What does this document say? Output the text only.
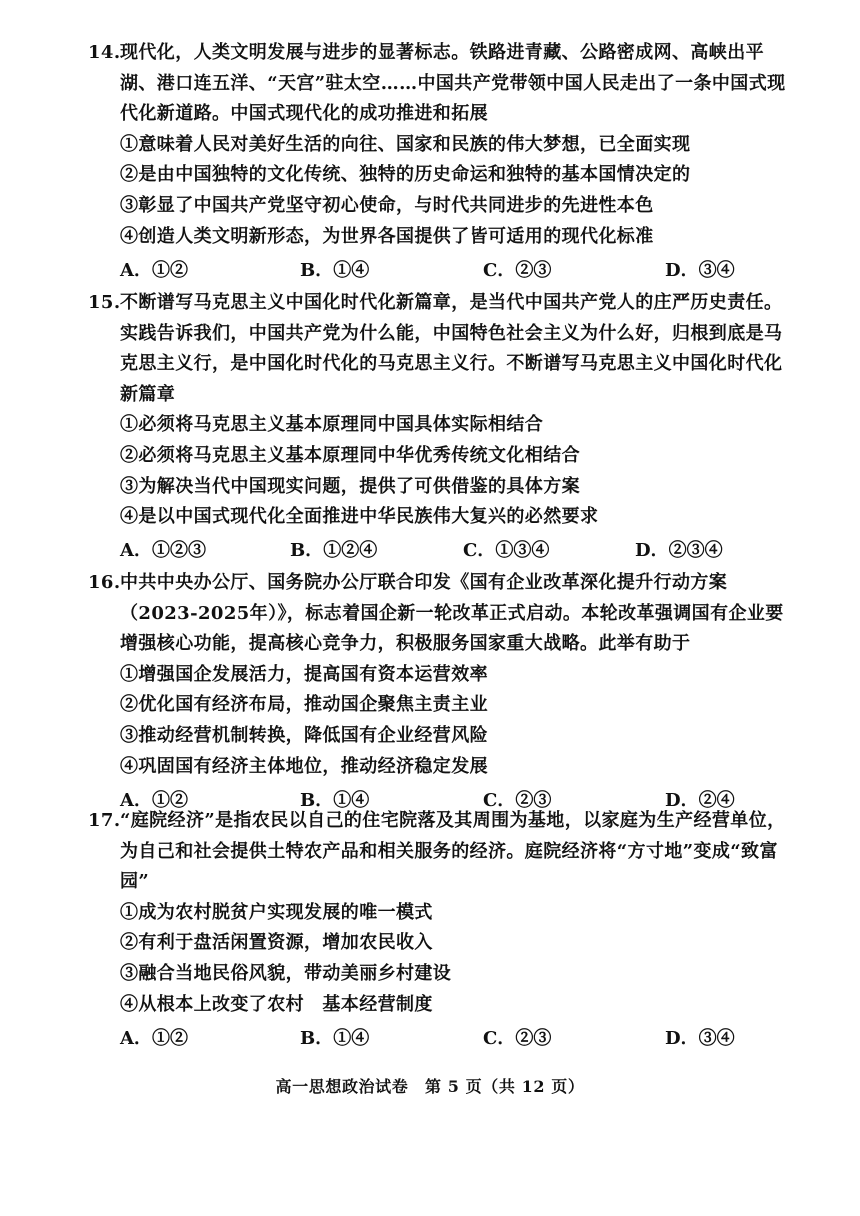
14.现代化，人类文明发展与进步的显著标志。铁路进青藏、公路密成网、高峡出平湖、港口连五洋、“天宫”驻太空……中国共产党带领中国人民走出了一条中国式现代化新道路。中国式现代化的成功推进和拓展
①意味着人民对美好生活的向往、国家和民族的伟大梦想，已全面实现
②是由中国独特的文化传统、独特的历史命运和独特的基本国情决定的
③彰显了中国共产党坚守初心使命，与时代共同进步的先进性本色
④创造人类文明新形态，为世界各国提供了皆可适用的现代化标准
A．①②	B．①④	C．②③	D．③④
15.不断谱写马克思主义中国化时代化新篇章，是当代中国共产党人的庄严历史责任。实践告诉我们，中国共产党为什么能，中国特色社会主义为什么好，归根到底是马克思主义行，是中国化时代化的马克思主义行。不断谱写马克思主义中国化时代化新篇章
①必须将马克思主义基本原理同中国具体实际相结合
②必须将马克思主义基本原理同中华优秀传统文化相结合
③为解决当代中国现实问题，提供了可供借鉴的具体方案
④是以中国式现代化全面推进中华民族伟大复兴的必然要求
A．①②③	B．①②④	C．①③④	D．②③④
16.中共中央办公厅、国务院办公厅联合印发《国有企业改革深化提升行动方案（2023-2025年）》，标志着国企新一轮改革正式启动。本轮改革强调国有企业要增强核心功能，提高核心竞争力，积极服务国家重大战略。此举有助于
①增强国企发展活力，提高国有资本运营效率
②优化国有经济布局，推动国企聚焦主责主业
③推动经营机制转换，降低国有企业经营风险
④巩固国有经济主体地位，推动经济稳定发展
A．①②	B．①④	C．②③	D．②④
17.“庭院经济”是指农民以自己的住宅院落及其周围为基地，以家庭为生产经营单位，为自己和社会提供土特农产品和相关服务的经济。庭院经济将“方寸地”变成“致富园”
①成为农村脱贫户实现发展的唯一模式
②有利于盘活闲置资源，增加农民收入
③融合当地民俗风貌，带动美丽乡村建设
④从根本上改变了农村　基本经营制度
A．①②	B．①④	C．②③	D．③④
高一思想政治试卷　第 5 页（共 12 页）
